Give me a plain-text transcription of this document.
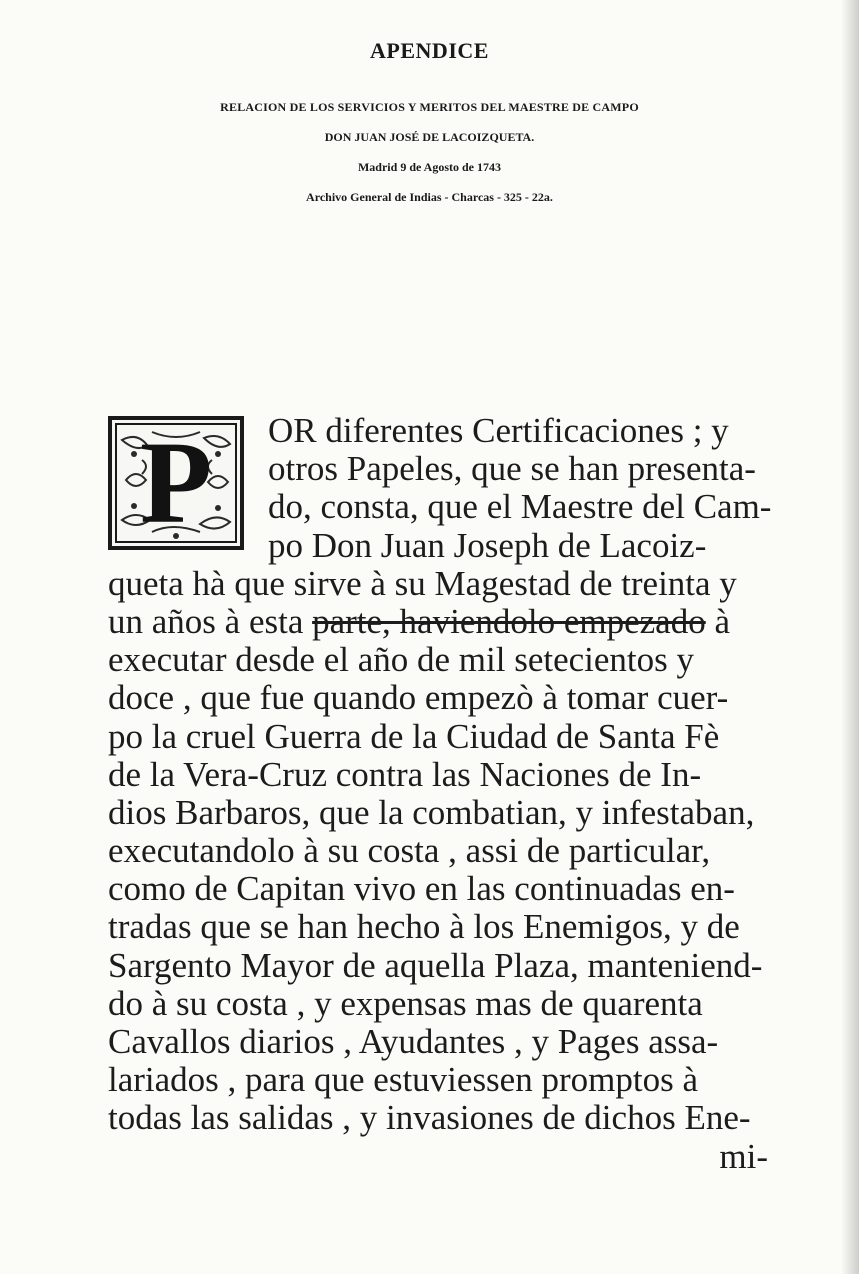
APENDICE
RELACION DE LOS SERVICIOS Y MERITOS DEL MAESTRE DE CAMPO
DON JUAN JOSÉ DE LACOIZQUETA.
Madrid 9 de Agosto de 1743
Archivo General de Indias - Charcas - 325 - 22a.
P	OR diferentes Certificaciones ; y
otros Papeles, que se han presenta-
do, consta, que el Maestre del Cam-
po Don Juan Joseph de Lacoiz-
queta hà que sirve à su Magestad de treinta y
un años à esta parte, haviendolo empezado à
executar desde el año de mil setecientos y
doce , que fue quando empezò à tomar cuer-
po la cruel Guerra de la Ciudad de Santa Fè
de la Vera-Cruz contra las Naciones de In-
dios Barbaros, que la combatian, y infestaban,
executandolo à su costa , assi de particular,
como de Capitan vivo en las continuadas en-
tradas que se han hecho à los Enemigos, y de
Sargento Mayor de aquella Plaza, manteniend-
do à su costa , y expensas mas de quarenta
Cavallos diarios , Ayudantes , y Pages assa-
lariados , para que estuviessen promptos à
todas las salidas , y invasiones de dichos Ene-
mi-
